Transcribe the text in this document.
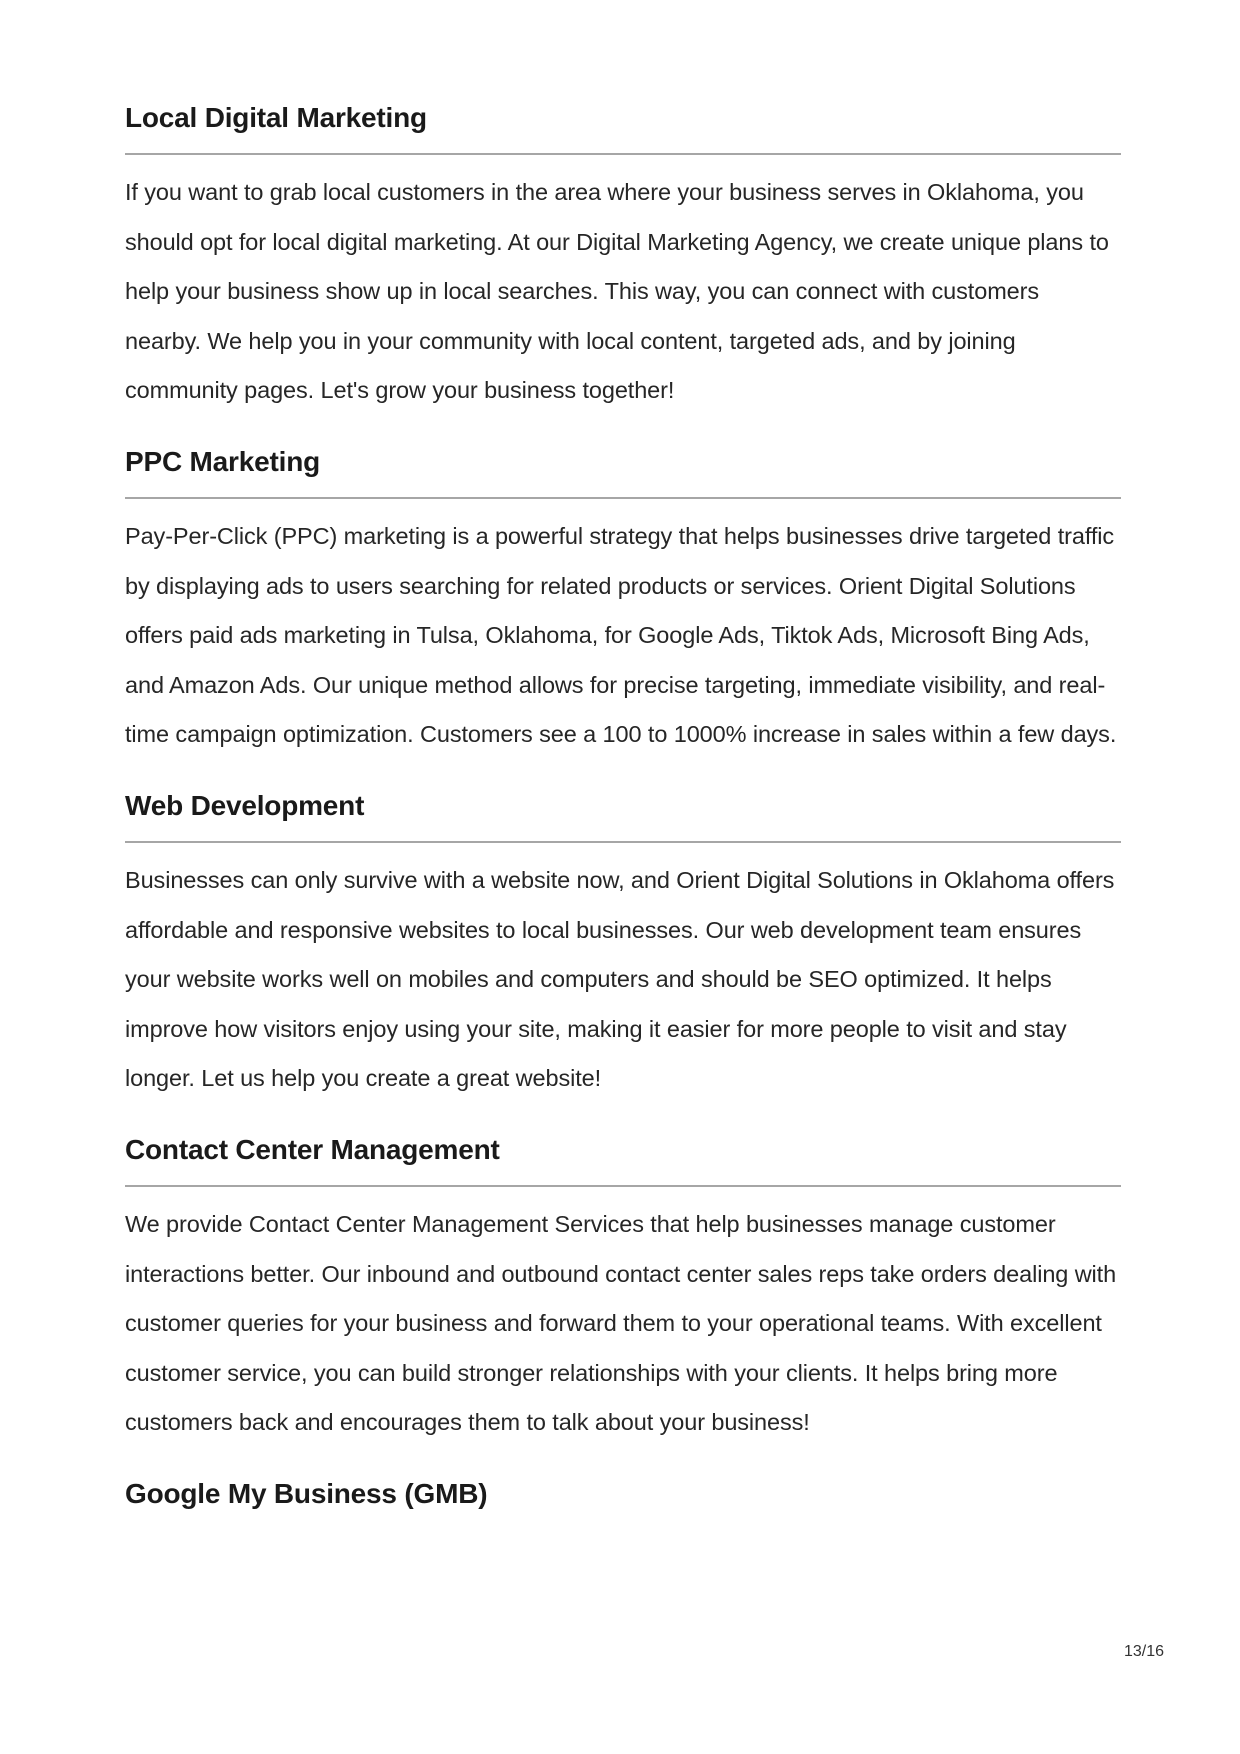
Local Digital Marketing

If you want to grab local customers in the area where your business serves in Oklahoma, you should opt for local digital marketing. At our Digital Marketing Agency, we create unique plans to help your business show up in local searches. This way, you can connect with customers nearby. We help you in your community with local content, targeted ads, and by joining community pages. Let's grow your business together!

PPC Marketing

Pay-Per-Click (PPC) marketing is a powerful strategy that helps businesses drive targeted traffic by displaying ads to users searching for related products or services. Orient Digital Solutions offers paid ads marketing in Tulsa, Oklahoma, for Google Ads, Tiktok Ads, Microsoft Bing Ads, and Amazon Ads. Our unique method allows for precise targeting, immediate visibility, and real-time campaign optimization. Customers see a 100 to 1000% increase in sales within a few days.

Web Development

Businesses can only survive with a website now, and Orient Digital Solutions in Oklahoma offers affordable and responsive websites to local businesses. Our web development team ensures your website works well on mobiles and computers and should be SEO optimized. It helps improve how visitors enjoy using your site, making it easier for more people to visit and stay longer. Let us help you create a great website!

Contact Center Management

We provide Contact Center Management Services that help businesses manage customer interactions better. Our inbound and outbound contact center sales reps take orders dealing with customer queries for your business and forward them to your operational teams. With excellent customer service, you can build stronger relationships with your clients. It helps bring more customers back and encourages them to talk about your business!

Google My Business (GMB)
13/16
